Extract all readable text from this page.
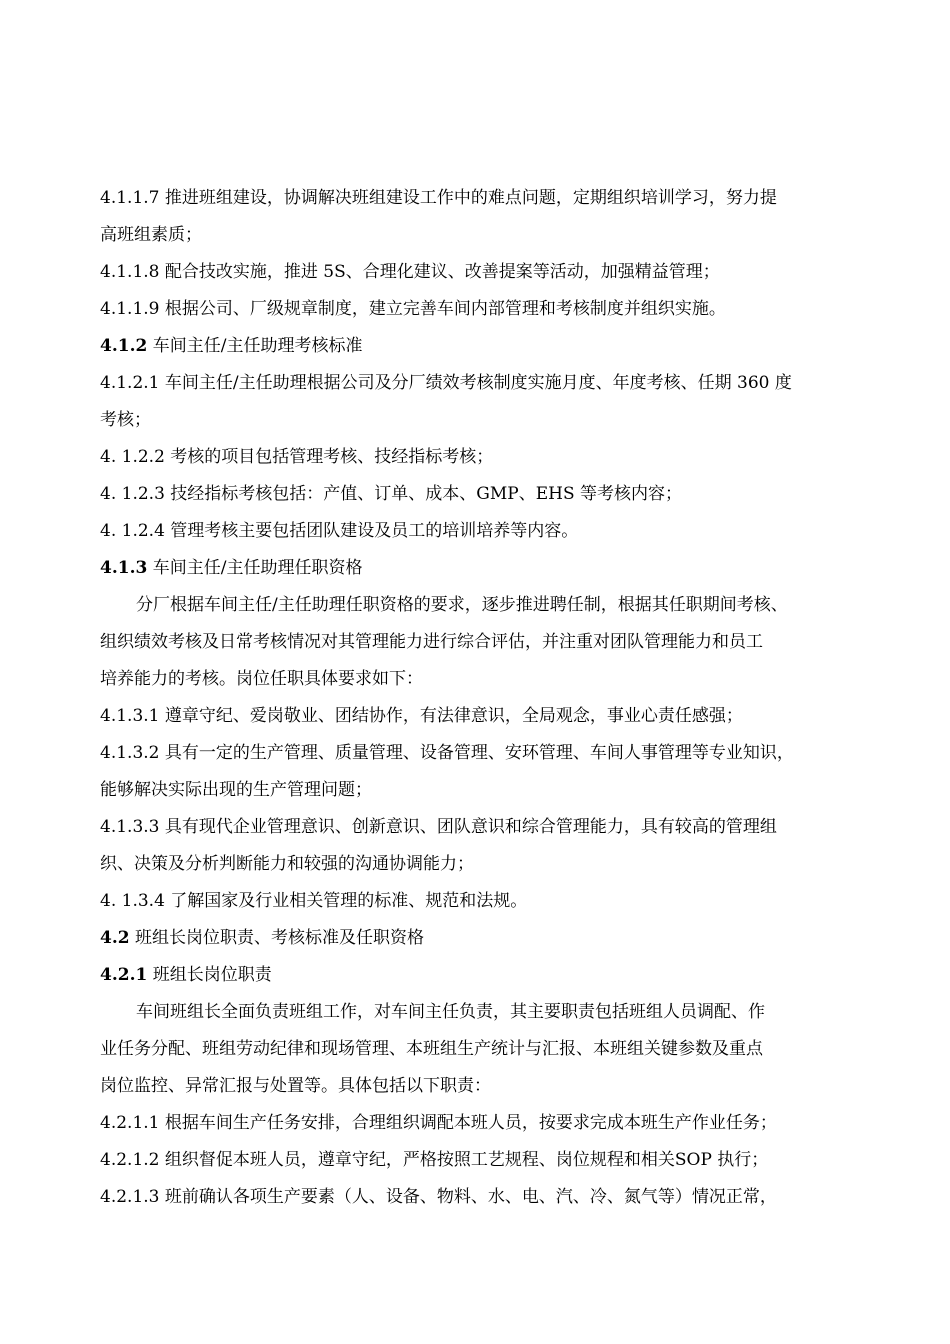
4.1.1.7 推进班组建设，协调解决班组建设工作中的难点问题，定期组织培训学习，努力提
高班组素质；
4.1.1.8 配合技改实施，推进 5S、合理化建议、改善提案等活动，加强精益管理；
4.1.1.9 根据公司、厂级规章制度，建立完善车间内部管理和考核制度并组织实施。
4.1.2 车间主任/主任助理考核标准
4.1.2.1 车间主任/主任助理根据公司及分厂绩效考核制度实施月度、年度考核、任期 360 度
考核；
4. 1.2.2 考核的项目包括管理考核、技经指标考核；
4. 1.2.3 技经指标考核包括：产值、订单、成本、GMP、EHS 等考核内容；
4. 1.2.4 管理考核主要包括团队建设及员工的培训培养等内容。
4.1.3 车间主任/主任助理任职资格
分厂根据车间主任/主任助理任职资格的要求，逐步推进聘任制，根据其任职期间考核、
组织绩效考核及日常考核情况对其管理能力进行综合评估，并注重对团队管理能力和员工
培养能力的考核。岗位任职具体要求如下：
4.1.3.1 遵章守纪、爱岗敬业、团结协作，有法律意识，全局观念，事业心责任感强；
4.1.3.2 具有一定的生产管理、质量管理、设备管理、安环管理、车间人事管理等专业知识，
能够解决实际出现的生产管理问题；
4.1.3.3 具有现代企业管理意识、创新意识、团队意识和综合管理能力，具有较高的管理组
织、决策及分析判断能力和较强的沟通协调能力；
4. 1.3.4 了解国家及行业相关管理的标准、规范和法规。
4.2 班组长岗位职责、考核标准及任职资格
4.2.1 班组长岗位职责
车间班组长全面负责班组工作，对车间主任负责，其主要职责包括班组人员调配、作
业任务分配、班组劳动纪律和现场管理、本班组生产统计与汇报、本班组关键参数及重点
岗位监控、异常汇报与处置等。具体包括以下职责：
4.2.1.1 根据车间生产任务安排，合理组织调配本班人员，按要求完成本班生产作业任务；
4.2.1.2 组织督促本班人员，遵章守纪，严格按照工艺规程、岗位规程和相关SOP 执行；
4.2.1.3 班前确认各项生产要素（人、设备、物料、水、电、汽、冷、氮气等）情况正常，
